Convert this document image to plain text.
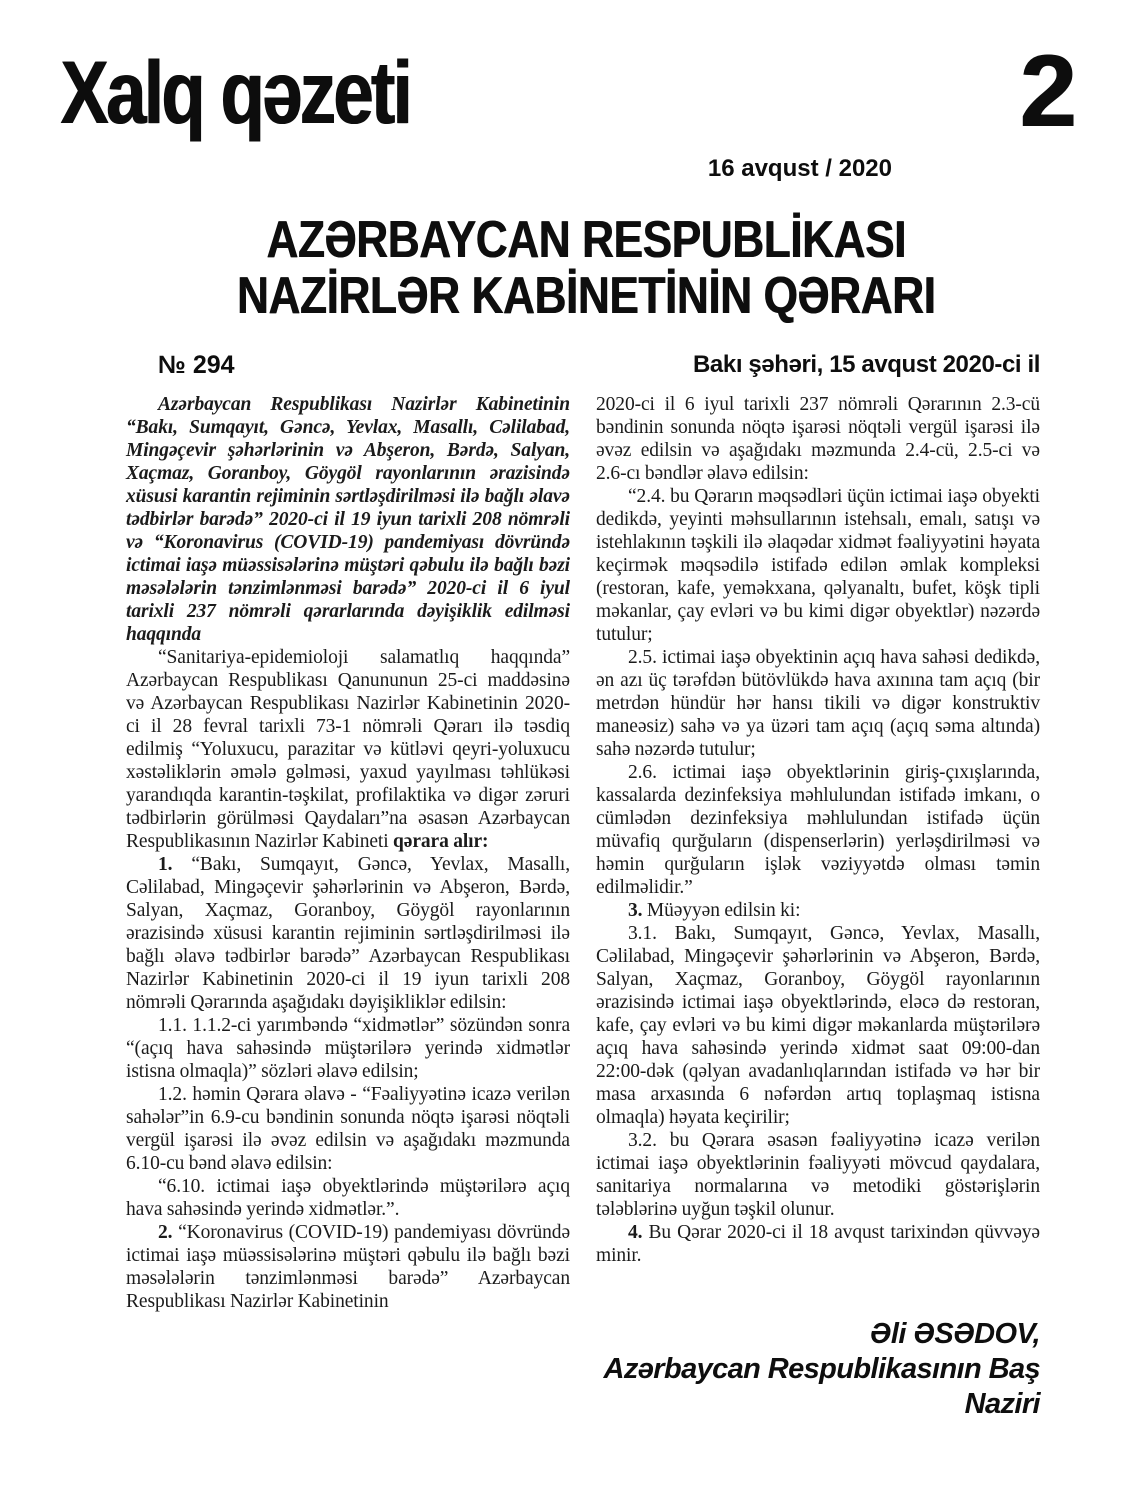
Xalq qəzeti	2
16 avqust / 2020
AZƏRBAYCAN RESPUBLİKASI
NAZİRLƏR KABİNETİNİN QƏRARI
№ 294
Azərbaycan Respublikası Nazirlər Kabinetinin “Bakı, Sumqayıt, Gəncə, Yevlax, Masallı, Cəlilabad, Mingəçevir şəhərlərinin və Abşeron, Bərdə, Salyan, Xaçmaz, Goranboy, Göygöl rayonlarının ərazisində xüsusi karantin rejiminin sərtləşdirilməsi ilə bağlı əlavə tədbirlər barədə” 2020-ci il 19 iyun tarixli 208 nömrəli və “Koronavirus (COVID-19) pandemiyası dövründə ictimai iaşə müəssisələrinə müştəri qəbulu ilə bağlı bəzi məsələlərin tənzimlənməsi barədə” 2020-ci il 6 iyul tarixli 237 nömrəli qərarlarında dəyişiklik edilməsi haqqında
“Sanitariya-epidemioloji salamatlıq haqqında” Azərbaycan Respublikası Qanununun 25-ci maddəsinə və Azərbaycan Respublikası Nazirlər Kabinetinin 2020-ci il 28 fevral tarixli 73-1 nömrəli Qərarı ilə təsdiq edilmiş “Yoluxucu, parazitar və kütləvi qeyri-yoluxucu xəstəliklərin əmələ gəlməsi, yaxud yayılması təhlükəsi yarandıqda karantin-təşkilat, profilaktika və digər zəruri tədbirlərin görülməsi Qaydaları”na əsasən Azərbaycan Respublikasının Nazirlər Kabineti qərara alır:
1. “Bakı, Sumqayıt, Gəncə, Yevlax, Masallı, Cəlilabad, Mingəçevir şəhərlərinin və Abşeron, Bərdə, Salyan, Xaçmaz, Goranboy, Göygöl rayonlarının ərazisində xüsusi karantin rejiminin sərtləşdirilməsi ilə bağlı əlavə tədbirlər barədə” Azərbaycan Respublikası Nazirlər Kabinetinin 2020-ci il 19 iyun tarixli 208 nömrəli Qərarında aşağıdakı dəyişikliklər edilsin:
1.1. 1.1.2-ci yarımbəndə “xidmətlər” sözündən sonra “(açıq hava sahəsində müştərilərə yerində xidmətlər istisna olmaqla)” sözləri əlavə edilsin;
1.2. həmin Qərara əlavə - “Fəaliyyətinə icazə verilən sahələr”in 6.9-cu bəndinin sonunda nöqtə işarəsi nöqtəli vergül işarəsi ilə əvəz edilsin və aşağıdakı məzmunda 6.10-cu bənd əlavə edilsin:
“6.10. ictimai iaşə obyektlərində müştərilərə açıq hava sahəsində yerində xidmətlər.”.
2. “Koronavirus (COVID-19) pandemiyası dövründə ictimai iaşə müəssisələrinə müştəri qəbulu ilə bağlı bəzi məsələlərin tənzimlənməsi barədə” Azərbaycan Respublikası Nazirlər Kabinetinin
Bakı şəhəri, 15 avqust 2020-ci il
2020-ci il 6 iyul tarixli 237 nömrəli Qərarının 2.3-cü bəndinin sonunda nöqtə işarəsi nöqtəli vergül işarəsi ilə əvəz edilsin və aşağıdakı məzmunda 2.4-cü, 2.5-ci və 2.6-cı bəndlər əlavə edilsin:
“2.4. bu Qərarın məqsədləri üçün ictimai iaşə obyekti dedikdə, yeyinti məhsullarının istehsalı, emalı, satışı və istehlakının təşkili ilə əlaqədar xidmət fəaliyyətini həyata keçirmək məqsədilə istifadə edilən əmlak kompleksi (restoran, kafe, yeməkxana, qəlyanaltı, bufet, köşk tipli məkanlar, çay evləri və bu kimi digər obyektlər) nəzərdə tutulur;
2.5. ictimai iaşə obyektinin açıq hava sahəsi dedikdə, ən azı üç tərəfdən bütövlükdə hava axınına tam açıq (bir metrdən hündür hər hansı tikili və digər konstruktiv maneəsiz) sahə və ya üzəri tam açıq (açıq səma altında) sahə nəzərdə tutulur;
2.6. ictimai iaşə obyektlərinin giriş-çıxışlarında, kassalarda dezinfeksiya məhlulundan istifadə imkanı, o cümlədən dezinfeksiya məhlulundan istifadə üçün müvafiq qurğuların (dispenserlərin) yerləşdirilməsi və həmin qurğuların işlək vəziyyətdə olması təmin edilməlidir.”
3. Müəyyən edilsin ki:
3.1. Bakı, Sumqayıt, Gəncə, Yevlax, Masallı, Cəlilabad, Mingəçevir şəhərlərinin və Abşeron, Bərdə, Salyan, Xaçmaz, Goranboy, Göygöl rayonlarının ərazisində ictimai iaşə obyektlərində, eləcə də restoran, kafe, çay evləri və bu kimi digər məkanlarda müştərilərə açıq hava sahəsində yerində xidmət saat 09:00-dan 22:00-dək (qəlyan avadanlıqlarından istifadə və hər bir masa arxasında 6 nəfərdən artıq toplaşmaq istisna olmaqla) həyata keçirilir;
3.2. bu Qərara əsasən fəaliyyətinə icazə verilən ictimai iaşə obyektlərinin fəaliyyəti mövcud qaydalara, sanitariya normalarına və metodiki göstərişlərin tələblərinə uyğun təşkil olunur.
4. Bu Qərar 2020-ci il 18 avqust tarixindən qüvvəyə minir.
Əli ƏSƏDOV,
Azərbaycan Respublikasının Baş Naziri
